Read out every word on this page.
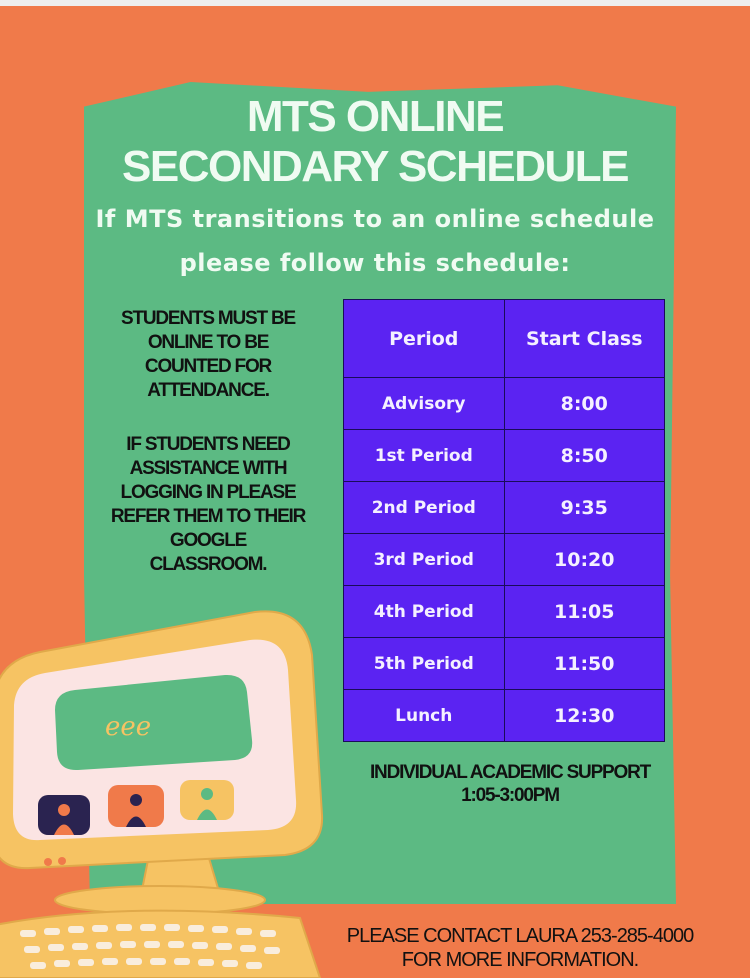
MTS ONLINE
SECONDARY SCHEDULE
If MTS transitions to an online schedule
please follow this schedule:
STUDENTS MUST BE
ONLINE TO BE
COUNTED FOR
ATTENDANCE.
IF STUDENTS NEED
ASSISTANCE WITH
LOGGING IN PLEASE
REFER THEM TO THEIR
GOOGLE
CLASSROOM.
Period	Start Class
Advisory	8:00
1st Period	8:50
2nd Period	9:35
3rd Period	10:20
4th Period	11:05
5th Period	11:50
Lunch	12:30
INDIVIDUAL ACADEMIC SUPPORT
1:05-3:00PM
PLEASE CONTACT LAURA 253-285-4000
FOR MORE INFORMATION.
eee
